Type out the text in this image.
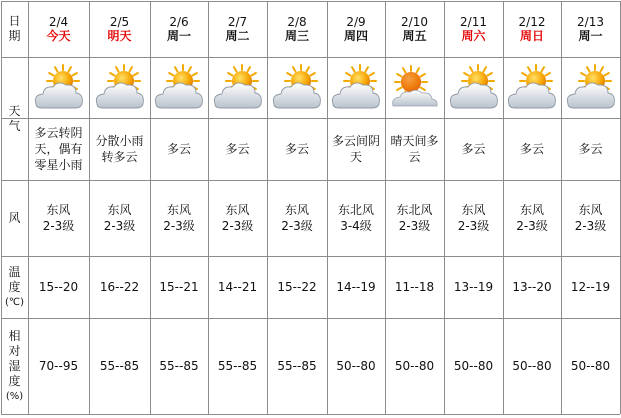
日
期
天
气
风
温
度
(℃)
相
对
湿
度
(%)
2/4
今天
多云转阴
天，偶有
零星小雨
东风
2-3级
15--20
70--95
2/5
明天
分散小雨
转多云
东风
2-3级
16--22
55--85
2/6
周一
多云
东风
2-3级
15--21
55--85
2/7
周二
多云
东风
2-3级
14--21
55--85
2/8
周三
多云
东风
2-3级
15--22
55--85
2/9
周四
多云间阴
天
东北风
3-4级
14--19
50--80
2/10
周五
晴天间多
云
东北风
2-3级
11--18
50--80
2/11
周六
多云
东风
2-3级
13--19
50--80
2/12
周日
多云
东风
2-3级
13--20
50--80
2/13
周一
多云
东风
2-3级
12--19
50--80
